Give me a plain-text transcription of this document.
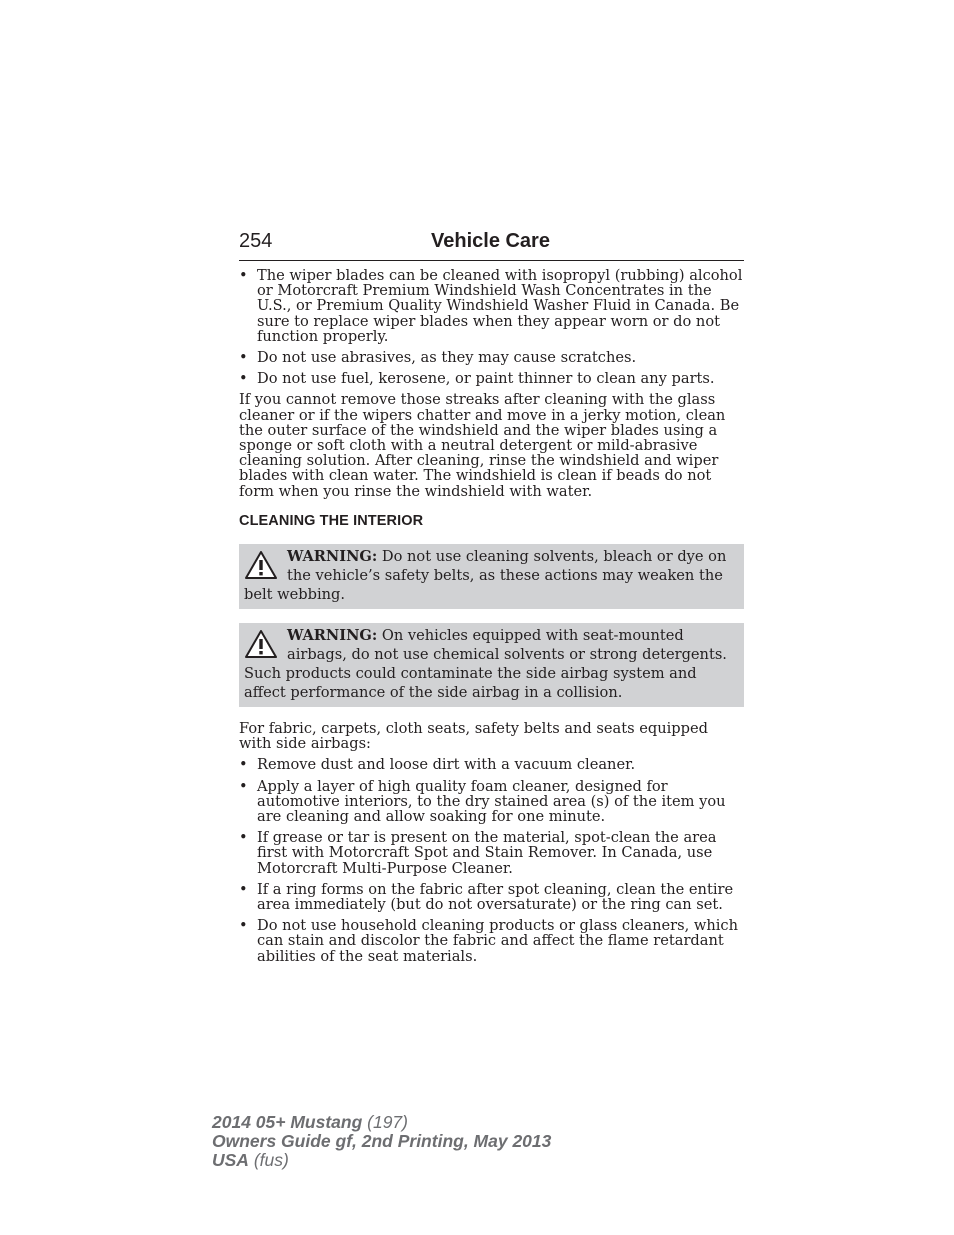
254	Vehicle Care
• The wiper blades can be cleaned with isopropyl (rubbing) alcohol or Motorcraft Premium Windshield Wash Concentrates in the U.S., or Premium Quality Windshield Washer Fluid in Canada. Be sure to replace wiper blades when they appear worn or do not function properly.
• Do not use abrasives, as they may cause scratches.
• Do not use fuel, kerosene, or paint thinner to clean any parts.

If you cannot remove those streaks after cleaning with the glass cleaner or if the wipers chatter and move in a jerky motion, clean the outer surface of the windshield and the wiper blades using a sponge or soft cloth with a neutral detergent or mild-abrasive cleaning solution. After cleaning, rinse the windshield and wiper blades with clean water. The windshield is clean if beads do not form when you rinse the windshield with water.

CLEANING THE INTERIOR
WARNING: Do not use cleaning solvents, bleach or dye on the vehicle’s safety belts, as these actions may weaken the belt webbing.
WARNING: On vehicles equipped with seat-mounted airbags, do not use chemical solvents or strong detergents. Such products could contaminate the side airbag system and affect performance of the side airbag in a collision.

For fabric, carpets, cloth seats, safety belts and seats equipped with side airbags:

• Remove dust and loose dirt with a vacuum cleaner.
• Apply a layer of high quality foam cleaner, designed for automotive interiors, to the dry stained area (s) of the item you are cleaning and allow soaking for one minute.
• If grease or tar is present on the material, spot-clean the area first with Motorcraft Spot and Stain Remover. In Canada, use Motorcraft Multi-Purpose Cleaner.
• If a ring forms on the fabric after spot cleaning, clean the entire area immediately (but do not oversaturate) or the ring can set.
• Do not use household cleaning products or glass cleaners, which can stain and discolor the fabric and affect the flame retardant abilities of the seat materials.
2014 05+ Mustang (197)
Owners Guide gf, 2nd Printing, May 2013
USA (fus)
